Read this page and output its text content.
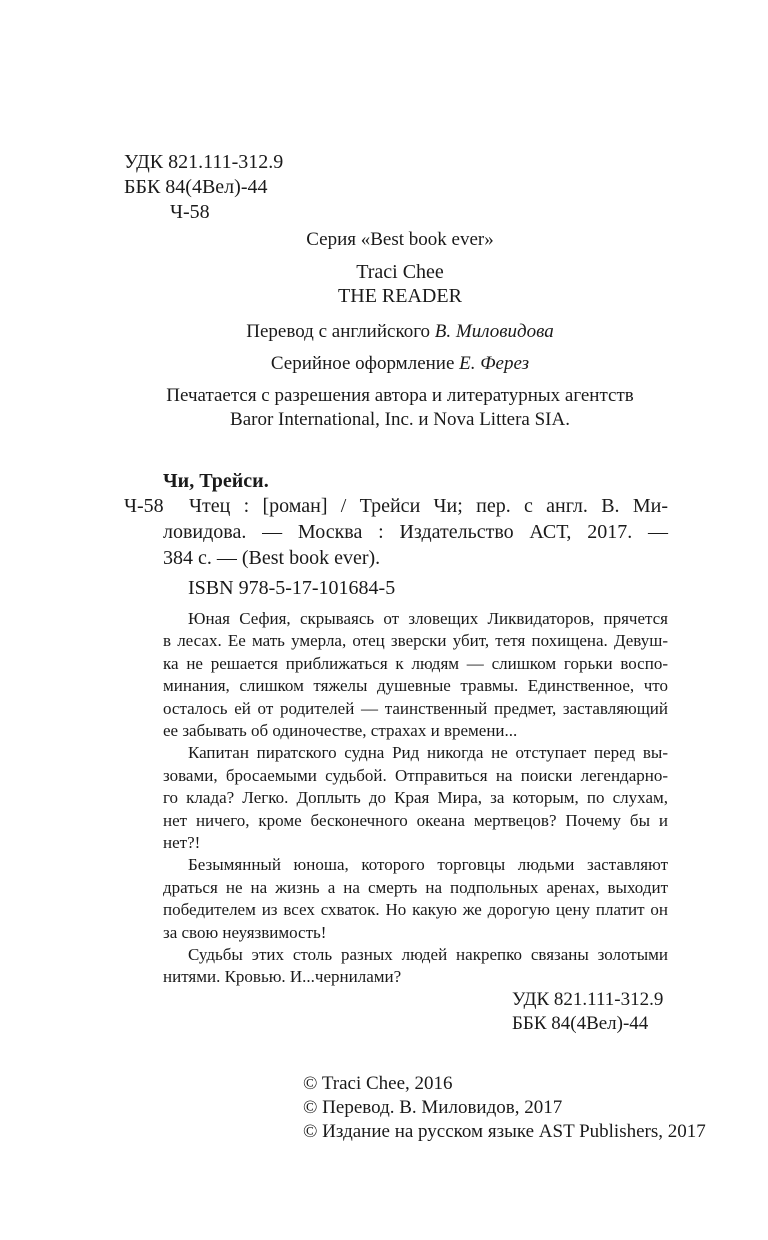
УДК 821.111-312.9
ББК 84(4Вел)-44
Ч-58
Серия «Best book ever»
Traci Chee
THE READER
Перевод с английского В. Миловидова
Серийное оформление Е. Ферез
Печатается с разрешения автора и литературных агентств
Baror International, Inc. и Nova Littera SIA.
Чи, Трейси.
Ч-58 Чтец : [роман] / Трейси Чи; пер. с англ. В. Ми-
ловидова. — Москва : Издательство АСТ, 2017. —
384 с. — (Best book ever).
ISBN 978-5-17-101684-5
Юная Сефия, скрываясь от зловещих Ликвидаторов, прячется
в лесах. Ее мать умерла, отец зверски убит, тетя похищена. Девуш-
ка не решается приближаться к людям — слишком горьки воспо-
минания, слишком тяжелы душевные травмы. Единственное, что
осталось ей от родителей — таинственный предмет, заставляющий
ее забывать об одиночестве, страхах и времени...
Капитан пиратского судна Рид никогда не отступает перед вы-
зовами, бросаемыми судьбой. Отправиться на поиски легендарно-
го клада? Легко. Доплыть до Края Мира, за которым, по слухам,
нет ничего, кроме бесконечного океана мертвецов? Почему бы и
нет?!
Безымянный юноша, которого торговцы людьми заставляют
драться не на жизнь а на смерть на подпольных аренах, выходит
победителем из всех схваток. Но какую же дорогую цену платит он
за свою неуязвимость!
Судьбы этих столь разных людей накрепко связаны золотыми
нитями. Кровью. И...чернилами?
УДК 821.111-312.9
ББК 84(4Вел)-44
© Traci Chee, 2016
© Перевод. В. Миловидов, 2017
© Издание на русском языке AST Publishers, 2017
